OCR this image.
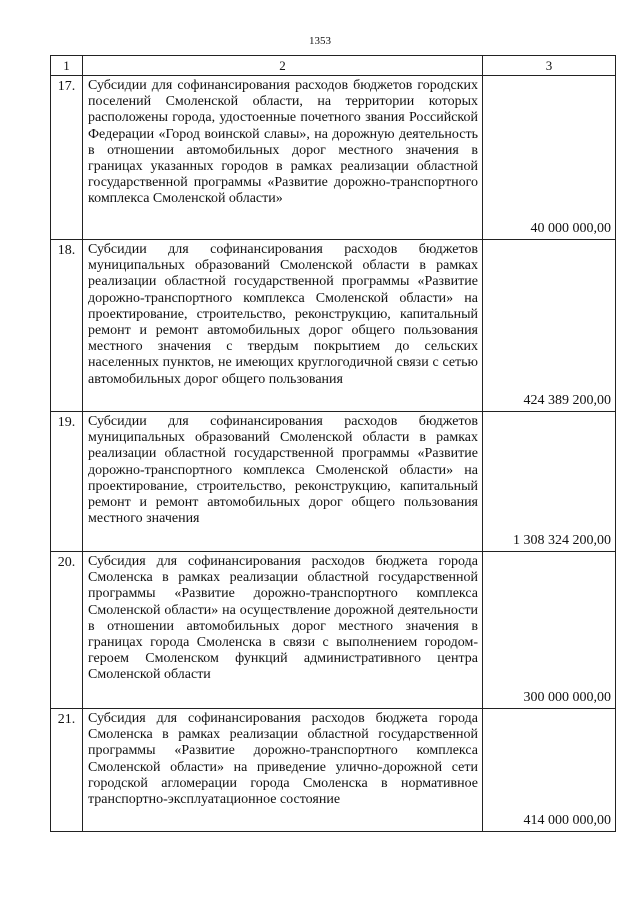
1353
1	2	3
17.	Субсидии для софинансирования расходов бюджетов городских поселений Смоленской области, на территории которых расположены города, удостоенные почетного звания Российской Федерации «Город воинской славы», на дорожную деятельность в отношении автомобильных дорог местного значения в границах указанных городов в рамках реализации областной государственной программы «Развитие дорожно-транспортного комплекса Смоленской области»	40 000 000,00
18.	Субсидии для софинансирования расходов бюджетов муниципальных образований Смоленской области в рамках реализации областной государственной программы «Развитие дорожно-транспортного комплекса Смоленской области» на проектирование, строительство, реконструкцию, капитальный ремонт и ремонт автомобильных дорог общего пользования местного значения с твердым покрытием до сельских населенных пунктов, не имеющих круглогодичной связи с сетью автомобильных дорог общего пользования	424 389 200,00
19.	Субсидии для софинансирования расходов бюджетов муниципальных образований Смоленской области в рамках реализации областной государственной программы «Развитие дорожно-транспортного комплекса Смоленской области» на проектирование, строительство, реконструкцию, капитальный ремонт и ремонт автомобильных дорог общего пользования местного значения	1 308 324 200,00
20.	Субсидия для софинансирования расходов бюджета города Смоленска в рамках реализации областной государственной программы «Развитие дорожно-транспортного комплекса Смоленской области» на осуществление дорожной деятельности в отношении автомобильных дорог местного значения в границах города Смоленска в связи с выполнением городом-героем Смоленском функций административного центра Смоленской области	300 000 000,00
21.	Субсидия для софинансирования расходов бюджета города Смоленска в рамках реализации областной государственной программы «Развитие дорожно-транспортного комплекса Смоленской области» на приведение улично-дорожной сети городской агломерации города Смоленска в нормативное транспортно-эксплуатационное состояние	414 000 000,00
